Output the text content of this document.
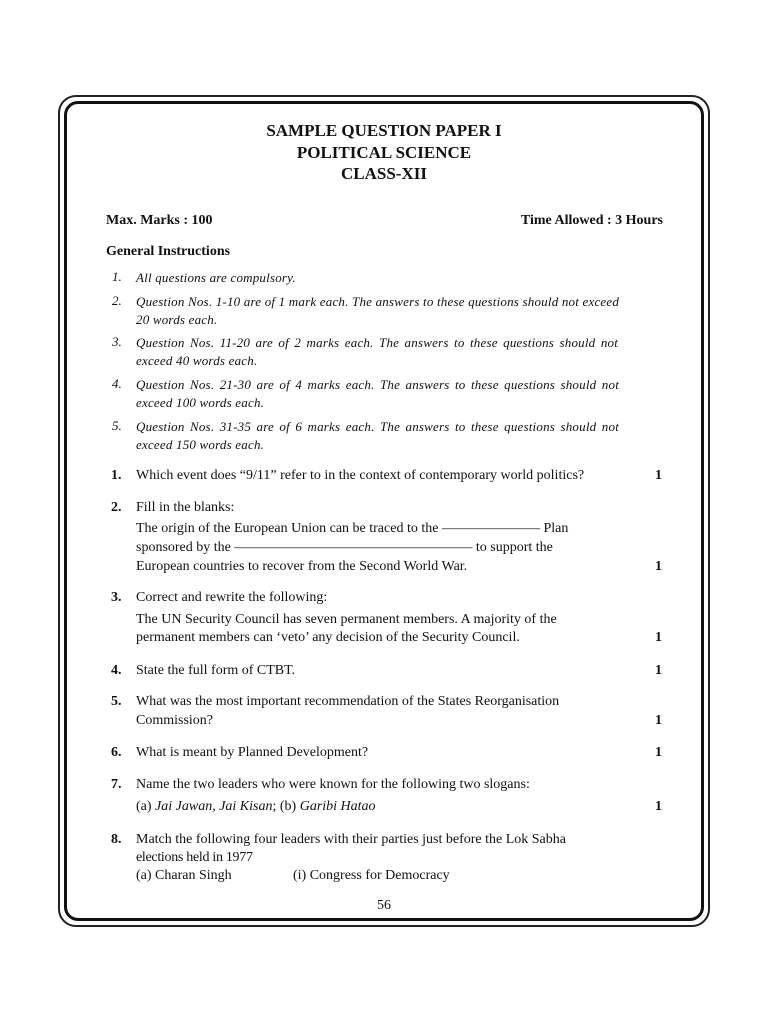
SAMPLE QUESTION PAPER I
POLITICAL SCIENCE
CLASS-XII
Max. Marks : 100	Time Allowed : 3 Hours
General Instructions
1. All questions are compulsory.
2. Question Nos. 1-10 are of 1 mark each. The answers to these questions should not exceed
20 words each.
3. Question Nos. 11-20 are of 2 marks each. The answers to these questions should not
exceed 40 words each.
4. Question Nos. 21-30 are of 4 marks each. The answers to these questions should not
exceed 100 words each.
5. Question Nos. 31-35 are of 6 marks each. The answers to these questions should not
exceed 150 words each.
1. Which event does “9/11” refer to in the context of contemporary world politics?	1
2. Fill in the blanks:
The origin of the European Union can be traced to the ——————— Plan
sponsored by the ————————————————— to support the
European countries to recover from the Second World War.	1
3. Correct and rewrite the following:
The UN Security Council has seven permanent members. A majority of the
permanent members can ‘veto’ any decision of the Security Council.	1
4. State the full form of CTBT.	1
5. What was the most important recommendation of the States Reorganisation
Commission?	1
6. What is meant by Planned Development?	1
7. Name the two leaders who were known for the following two slogans:
(a) Jai Jawan, Jai Kisan; (b) Garibi Hatao	1
8. Match the following four leaders with their parties just before the Lok Sabha
elections held in 1977
(a) Charan Singh	(i) Congress for Democracy
56
